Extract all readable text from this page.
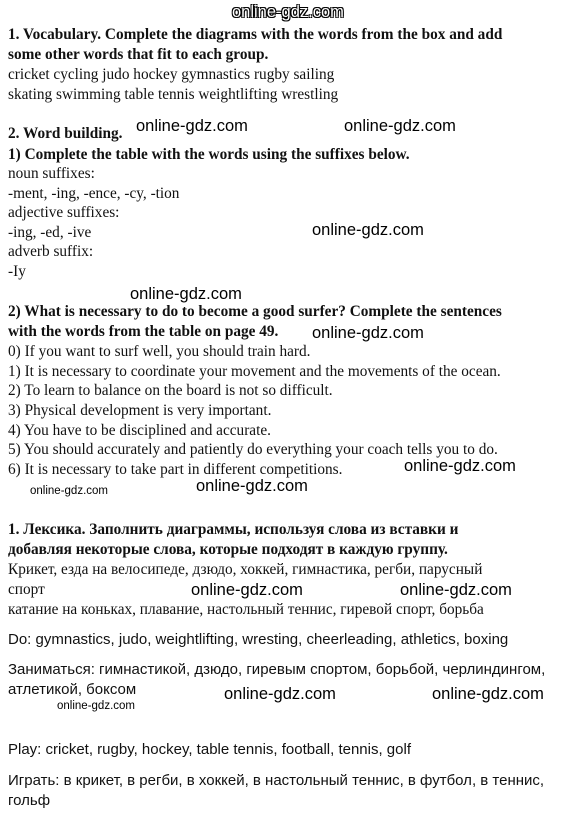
online-gdz.com
online-gdz.com	online-gdz.com
online-gdz.com
online-gdz.com
online-gdz.com
online-gdz.com
online-gdz.com	online-gdz.com
online-gdz.com	online-gdz.com
online-gdz.com	online-gdz.com
online-gdz.com
1. Vocabulary. Complete the diagrams with the words from the box and add
some other words that fit to each group.
cricket cycling judo hockey gymnastics rugby sailing
skating swimming table tennis weightlifting wrestling
2. Word building.
1) Complete the table with the words using the suffixes below.
noun suffixes:
-ment, -ing, -ence, -cy, -tion
adjective suffixes:
-ing, -ed, -ive
adverb suffix:
-Iy
2) What is necessary to do to become a good surfer? Complete the sentences
with the words from the table on page 49.
0) If you want to surf well, you should train hard.
1) It is necessary to coordinate your movement and the movements of the ocean.
2) To learn to balance on the board is not so difficult.
3) Physical development is very important.
4) You have to be disciplined and accurate.
5) You should accurately and patiently do everything your coach tells you to do.
6) It is necessary to take part in different competitions.
1. Лексика. Заполнить диаграммы, используя слова из вставки и
добавляя некоторые слова, которые подходят в каждую группу.
Крикет, езда на велосипеде, дзюдо, хоккей, гимнастика, регби, парусный
спорт
катание на коньках, плавание, настольный теннис, гиревой спорт, борьба
Do: gymnastics, judo, weightlifting, wresting, cheerleading, athletics, boxing
Заниматься: гимнастикой, дзюдо, гиревым спортом, борьбой, черлиндингом,
атлетикой, боксом
Play: cricket, rugby, hockey, table tennis, football, tennis, golf
Играть: в крикет, в регби, в хоккей, в настольный теннис, в футбол, в теннис,
гольф
